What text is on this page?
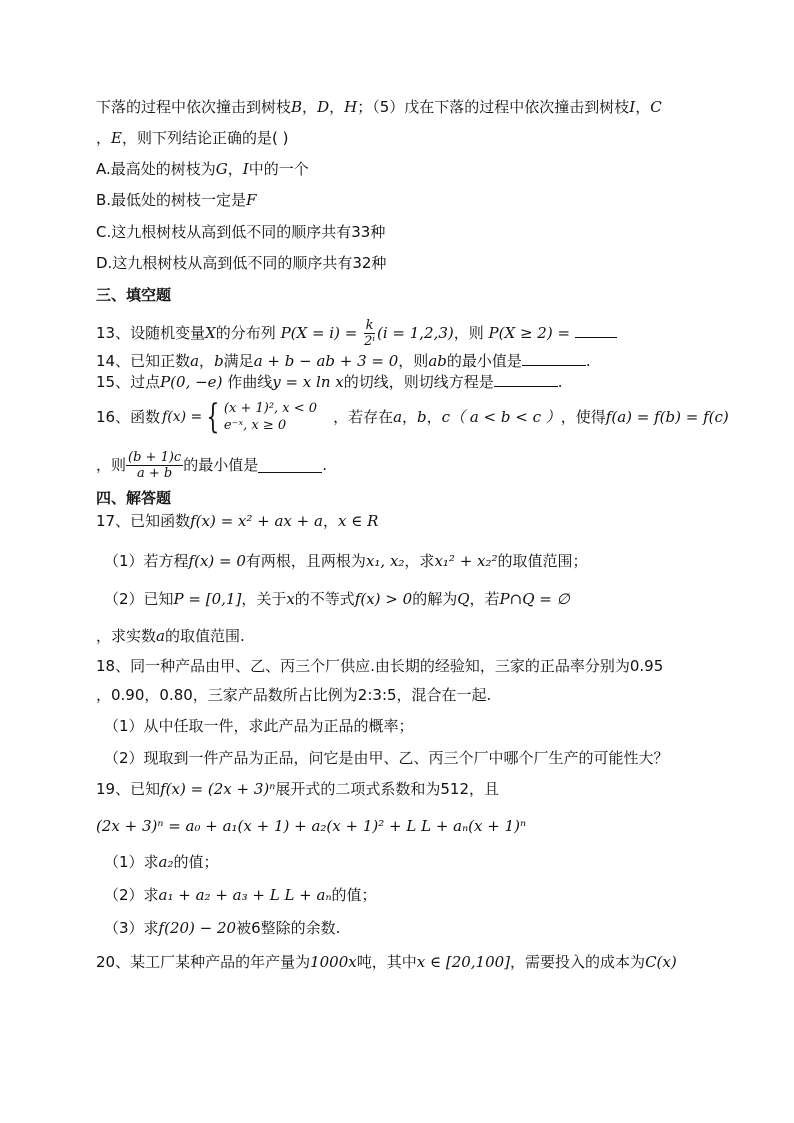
下落的过程中依次撞击到树枝B，D，H；（5）戊在下落的过程中依次撞击到树枝I，C
，E，则下列结论正确的是( )
A.最高处的树枝为G，I中的一个
B.最低处的树枝一定是F
C.这九根树枝从高到低不同的顺序共有33种
D.这九根树枝从高到低不同的顺序共有32种
三、填空题
13、设随机变量X的分布列 $P(X = i) = \frac{k}{\text{2ⁱ}} (i = 1,2,3)$，则 P(X ≥ 2) =
14、已知正数a，b满足a + b − ab + 3 = 0，则ab的最小值是	.
15、过点P(0, −e) 作曲线y = x ln x的切线，则切线方程是	.
16、函数 f(x) = { (x + 1)², x < 0
e⁻ˣ, x ≥ 0	，若存在 a ， b ， c （ a < b < c ） ，使得 f(a) = f(b) = f(c)
，则 $\frac{(b + 1)c}{a + b}$ 的最小值是	.
四、解答题
17、已知函数f(x) = x² + ax + a，x ∈ R
（1）若方程f(x) = 0有两根，且两根为x₁, x₂，求x₁² + x₂²的取值范围；
（2）已知P = [0,1]，关于x的不等式f(x) > 0的解为Q，若P∩Q = ∅
，求实数a的取值范围.
18、同一种产品由甲、乙、丙三个厂供应.由长期的经验知，三家的正品率分别为0.95
，0.90，0.80，三家产品数所占比例为2:3:5，混合在一起.
（1）从中任取一件，求此产品为正品的概率；
（2）现取到一件产品为正品，问它是由甲、乙、丙三个厂中哪个厂生产的可能性大？
19、已知f(x) = (2x + 3)ⁿ展开式的二项式系数和为512，且
(2x + 3)ⁿ = a₀ + a₁(x + 1) + a₂(x + 1)² + L L + aₙ(x + 1)ⁿ
（1）求a₂的值；
（2）求a₁ + a₂ + a₃ + L L + aₙ的值；
（3）求f(20) − 20被6整除的余数.
20、某工厂某种产品的年产量为1000x吨，其中x ∈ [20,100]，需要投入的成本为C(x)
